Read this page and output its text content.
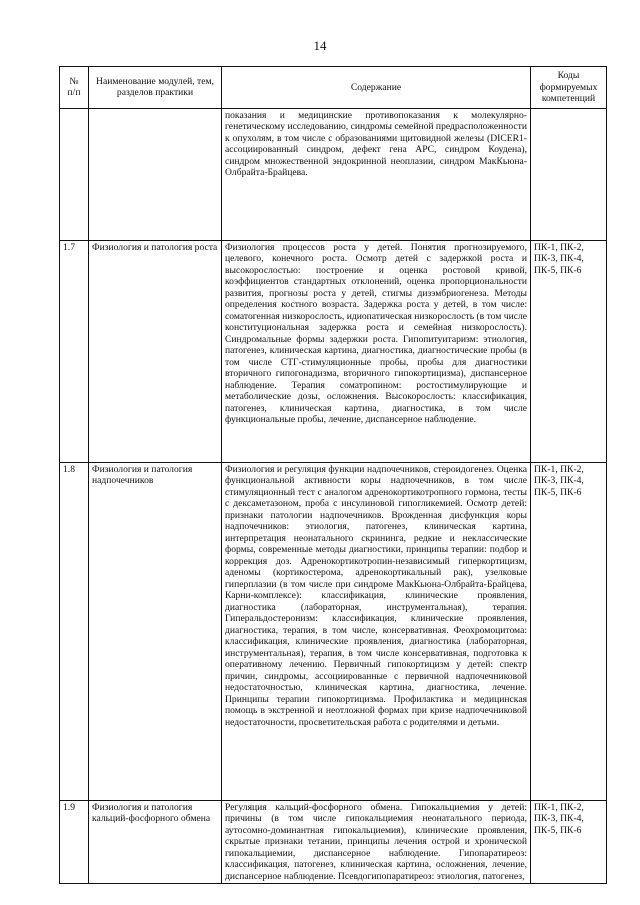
14
№
п/п	Наименование модулей, тем, разделов практики	Содержание	Коды формируемых компетенций
		показания и медицинские противопоказания к молекулярно-генетическому исследованию, синдромы семейной предрасположенности к опухолям, в том числе с образованиями щитовидной железы (DICER1-ассоциированный синдром, дефект гена АРС, синдром Коудена), синдром множественной эндокринной неоплазии, синдром МакКьюна-Олбрайта-Брайцева.	
1.7	Физиология и патология роста	Физиология процессов роста у детей. Понятия прогнозируемого, целевого, конечного роста. Осмотр детей с задержкой роста и высокорослостью: построение и оценка ростовой кривой, коэффициентов стандартных отклонений, оценка пропорциональности развития, прогнозы роста у детей, стигмы дизэмбриогенеза. Методы определения костного возраста. Задержка роста у детей, в том числе: соматогенная низкорослость, идиопатическая низкорослость (в том числе конституциональная задержка роста и семейная низкорослость). Синдромальные формы задержки роста. Гипопитуитаризм: этиология, патогенез, клиническая картина, диагностика, диагностические пробы (в том числе СТГ-стимуляционные пробы, пробы для диагностики вторичного гипогонадизма, вторичного гипокортицизма), диспансерное наблюдение. Терапия соматропином: ростостимулирующие и метаболические дозы, осложнения. Высокорослость: классификация, патогенез, клиническая картина, диагностика, в том числе функциональные пробы, лечение, диспансерное наблюдение.	ПК-1, ПК-2, ПК-3, ПК-4, ПК-5, ПК-6
1.8	Физиология и патология надпочечников	Физиология и регуляция функции надпочечников, стероидогенез. Оценка функциональной активности коры надпочечников, в том числе стимуляционный тест с аналогом адренокортикотропного гормона, тесты с дексаметазоном, проба с инсулиновой гипогликемией. Осмотр детей: признаки патологии надпочечников. Врожденная дисфункция коры надпочечников: этиология, патогенез, клиническая картина, интерпретация неонатального скрининга, редкие и неклассические формы, современные методы диагностики, принципы терапии: подбор и коррекция доз. Адренокортикотропин-независимый гиперкортицизм, аденомы (кортикостерома, адренокортикальный рак), узелковые гиперплазии (в том числе при синдроме МакКьюна-Олбрайта-Брайцева, Карни-комплексе): классификация, клинические проявления, диагностика (лабораторная, инструментальная), терапия. Гиперальдостеронизм: классификация, клинические проявления, диагностика, терапия, в том числе, консервативная. Феохромоцитома: классификация, клинические проявления, диагностика (лабораторная, инструментальная), терапия, в том числе консервативная, подготовка к оперативному лечению. Первичный гипокортицизм у детей: спектр причин, синдромы, ассоциированные с первичной надпочечниковой недостаточностью, клиническая картина, диагностика, лечение. Принципы терапии гипокортицизма. Профилактика и медицинская помощь в экстренной и неотложной формах при кризе надпочечниковой недостаточности, просветительская работа с родителями и детьми.	ПК-1, ПК-2, ПК-3, ПК-4, ПК-5, ПК-6
1.9	Физиология и патология кальций-фосфорного обмена	Регуляция кальций-фосфорного обмена. Гипокальциемия у детей: причины (в том числе гипокальциемия неонатального периода, аутосомно-доминантная гипокальциемия), клинические проявления, скрытые признаки тетании, принципы лечения острой и хронической гипокальциемии, диспансерное наблюдение. Гипопаратиреоз: классификация, патогенез, клиническая картина, осложнения, лечение, диспансерное наблюдение. Псевдогипопаратиреоз: этиология, патогенез,	ПК-1, ПК-2, ПК-3, ПК-4, ПК-5, ПК-6
